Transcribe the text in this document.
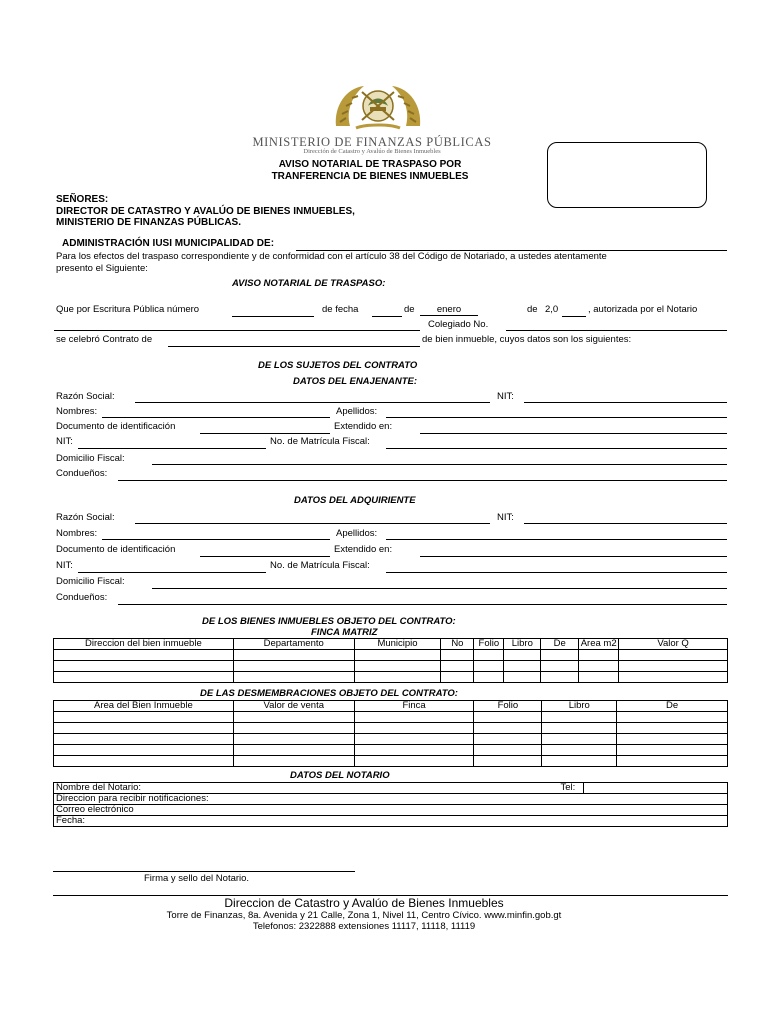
MINISTERIO DE FINANZAS PÚBLICAS
Dirección de Catastro y Avalúo de Bienes Inmuebles
AVISO NOTARIAL DE TRASPASO POR
TRANFERENCIA DE BIENES INMUEBLES
SEÑORES:
DIRECTOR DE CATASTRO Y AVALÚO DE BIENES INMUEBLES,
MINISTERIO DE FINANZAS PÚBLICAS.
ADMINISTRACIÓN IUSI MUNICIPALIDAD DE:
Para los efectos del traspaso correspondiente y de conformidad con el artículo 38 del Código de Notariado, a ustedes atentamente
presento el Siguiente:
AVISO NOTARIAL DE TRASPASO:
Que por Escritura Pública número	de fecha	de	enero	de 2,0	, autorizada por el Notario
Colegiado No.
se celebró Contrato de	de bien inmueble, cuyos datos son los siguientes:
DE LOS SUJETOS DEL CONTRATO
DATOS DEL ENAJENANTE:
Razón Social:	NIT:
Nombres:	Apellidos:
Documento de identificación	Extendido en:
NIT:	No. de Matrícula Fiscal:
Domicilio Fiscal:
Condueños:
DATOS DEL ADQUIRIENTE
Razón Social:	NIT:
Nombres:	Apellidos:
Documento de identificación	Extendido en:
NIT:	No. de Matrícula Fiscal:
Domicilio Fiscal:
Condueños:
DE LOS BIENES INMUEBLES OBJETO DEL CONTRATO:
FINCA MATRIZ
Direccion del bien inmueble	Departamento	Municipio	No	Folio	Libro	De	Area m2	Valor Q

DE LAS DESMEMBRACIONES OBJETO DEL CONTRATO:
Area del Bien Inmueble	Valor de venta	Finca	Folio	Libro	De

DATOS DEL NOTARIO
Nombre del Notario:	Tel:

Direccion para recibir notificaciones:
Correo electrónico
Fecha:
Firma y sello del Notario.
Direccion de Catastro y Avalúo de Bienes Inmuebles
Torre de Finanzas, 8a. Avenida y 21 Calle, Zona 1, Nivel 11, Centro Cívico. www.minfin.gob.gt
Telefonos: 2322888 extensiones 11117, 11118, 11119
